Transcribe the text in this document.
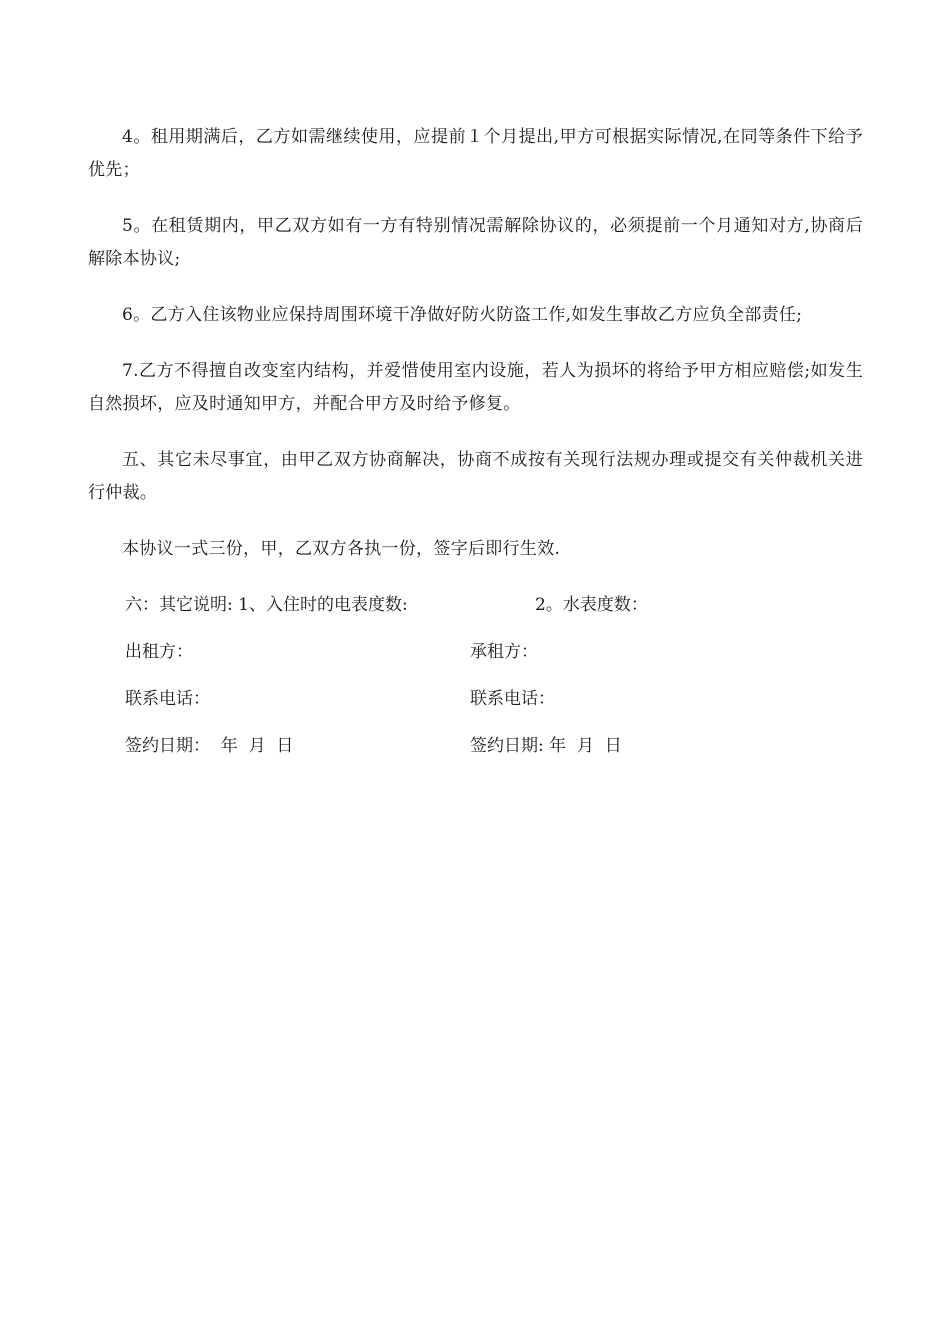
4。租用期满后，乙方如需继续使用，应提前１个月提出,甲方可根据实际情况,在同等条件下给予优先；

5。在租赁期内，甲乙双方如有一方有特别情况需解除协议的，必须提前一个月通知对方,协商后解除本协议;

6。乙方入住该物业应保持周围环境干净做好防火防盗工作,如发生事故乙方应负全部责任;

7.乙方不得擅自改变室内结构，并爱惜使用室内设施，若人为损坏的将给予甲方相应赔偿;如发生自然损坏，应及时通知甲方，并配合甲方及时给予修复。

五、其它未尽事宜，由甲乙双方协商解决，协商不成按有关现行法规办理或提交有关仲裁机关进行仲裁。

本协议一式三份，甲，乙双方各执一份，签字后即行生效.

六：其它说明: 1、入住时的电表度数:	2。水表度数：
出租方：	承租方：
联系电话：	联系电话：
签约日期：  年  月  日	签约日期: 年  月  日
